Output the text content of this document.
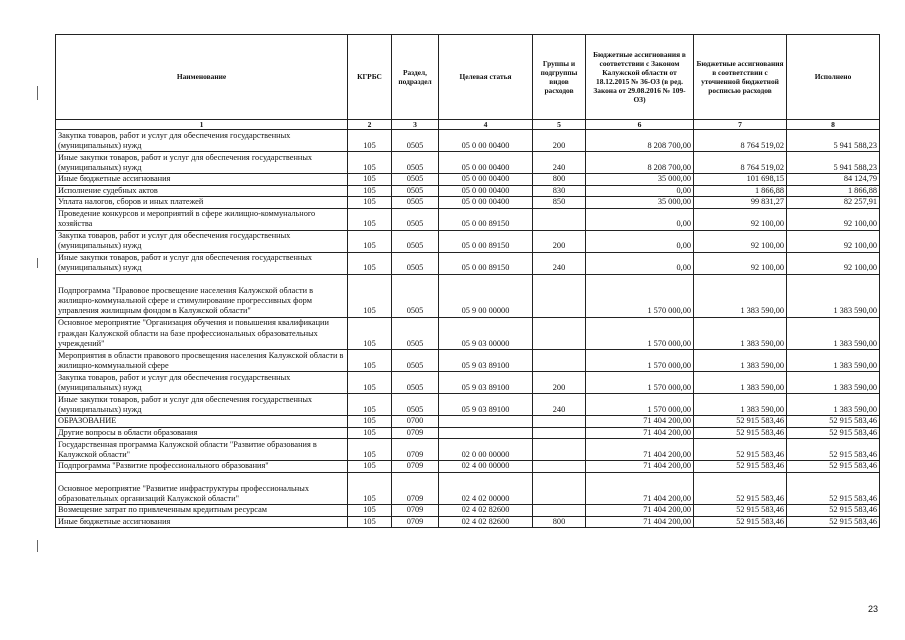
Наименование	КГРБС	Раздел, подраздел	Целевая статья	Группы и подгруппы видов расходов	Бюджетные ассигнования в соответствии с Законом Калужской области от 18.12.2015 № 36-ОЗ (в ред. Закона от 29.08.2016 № 109-ОЗ)	Бюджетные ассигнования в соответствии с уточненной бюджетной росписью расходов	Исполнено
1	2	3	4	5	6	7	8
Закупка товаров, работ и услуг для обеспечения государственных (муниципальных) нужд	105	0505	05 0 00 00400	200	8 208 700,00	8 764 519,02	5 941 588,23
Иные закупки товаров, работ и услуг для обеспечения государственных (муниципальных) нужд	105	0505	05 0 00 00400	240	8 208 700,00	8 764 519,02	5 941 588,23
Иные бюджетные ассигнования	105	0505	05 0 00 00400	800	35 000,00	101 698,15	84 124,79
Исполнение судебных актов	105	0505	05 0 00 00400	830	0,00	1 866,88	1 866,88
Уплата налогов, сборов и иных платежей	105	0505	05 0 00 00400	850	35 000,00	99 831,27	82 257,91
Проведение конкурсов и мероприятий в сфере жилищно-коммунального хозяйства	105	0505	05 0 00 89150		0,00	92 100,00	92 100,00
Закупка товаров, работ и услуг для обеспечения государственных (муниципальных) нужд	105	0505	05 0 00 89150	200	0,00	92 100,00	92 100,00
Иные закупки товаров, работ и услуг для обеспечения государственных (муниципальных) нужд	105	0505	05 0 00 89150	240	0,00	92 100,00	92 100,00
Подпрограмма "Правовое просвещение населения Калужской области в жилищно-коммунальной сфере и стимулирование прогрессивных форм управления жилищным фондом в Калужской области"	105	0505	05 9 00 00000		1 570 000,00	1 383 590,00	1 383 590,00
Основное мероприятие "Организация обучения и повышения квалификации граждан Калужской области на базе профессиональных образовательных учреждений"	105	0505	05 9 03 00000		1 570 000,00	1 383 590,00	1 383 590,00
Мероприятия в области правового просвещения населения Калужской области в жилищно-коммунальной сфере	105	0505	05 9 03 89100		1 570 000,00	1 383 590,00	1 383 590,00
Закупка товаров, работ и услуг для обеспечения государственных (муниципальных) нужд	105	0505	05 9 03 89100	200	1 570 000,00	1 383 590,00	1 383 590,00
Иные закупки товаров, работ и услуг для обеспечения государственных (муниципальных) нужд	105	0505	05 9 03 89100	240	1 570 000,00	1 383 590,00	1 383 590,00
ОБРАЗОВАНИЕ	105	0700			71 404 200,00	52 915 583,46	52 915 583,46
Другие вопросы в области образования	105	0709			71 404 200,00	52 915 583,46	52 915 583,46
Государственная программа Калужской области "Развитие образования в Калужской области"	105	0709	02 0 00 00000		71 404 200,00	52 915 583,46	52 915 583,46
Подпрограмма "Развитие профессионального образования"	105	0709	02 4 00 00000		71 404 200,00	52 915 583,46	52 915 583,46
Основное мероприятие "Развитие инфраструктуры профессиональных образовательных организаций Калужской области"	105	0709	02 4 02 00000		71 404 200,00	52 915 583,46	52 915 583,46
Возмещение затрат по привлеченным кредитным ресурсам	105	0709	02 4 02 82600		71 404 200,00	52 915 583,46	52 915 583,46
Иные бюджетные ассигнования	105	0709	02 4 02 82600	800	71 404 200,00	52 915 583,46	52 915 583,46
23
